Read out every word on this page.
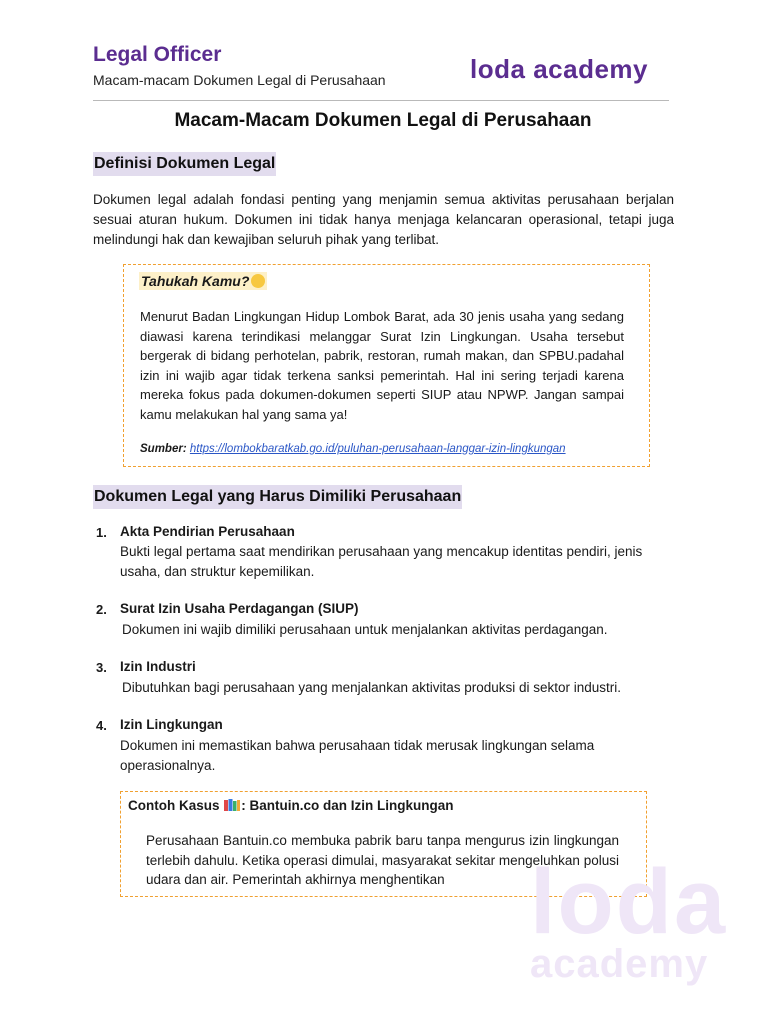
Legal Officer
Macam-macam Dokumen Legal di Perusahaan	loda academy
Macam-Macam Dokumen Legal di Perusahaan
Definisi Dokumen Legal

Dokumen legal adalah fondasi penting yang menjamin semua aktivitas perusahaan berjalan sesuai aturan hukum. Dokumen ini tidak hanya menjaga kelancaran operasional, tetapi juga melindungi hak dan kewajiban seluruh pihak yang terlibat.

Tahukah Kamu?

Menurut Badan Lingkungan Hidup Lombok Barat, ada 30 jenis usaha yang sedang diawasi karena terindikasi melanggar Surat Izin Lingkungan. Usaha tersebut bergerak di bidang perhotelan, pabrik, restoran, rumah makan, dan SPBU.padahal izin ini wajib agar tidak terkena sanksi pemerintah. Hal ini sering terjadi karena mereka fokus pada dokumen-dokumen seperti SIUP atau NPWP. Jangan sampai kamu melakukan hal yang sama ya!

Sumber: https://lombokbaratkab.go.id/puluhan-perusahaan-langgar-izin-lingkungan
Dokumen Legal yang Harus Dimiliki Perusahaan
1. Akta Pendirian Perusahaan

Bukti legal pertama saat mendirikan perusahaan yang mencakup identitas pendiri, jenis usaha, dan struktur kepemilikan.

2. Surat Izin Usaha Perdagangan (SIUP)

Dokumen ini wajib dimiliki perusahaan untuk menjalankan aktivitas perdagangan.

3. Izin Industri

Dibutuhkan bagi perusahaan yang menjalankan aktivitas produksi di sektor industri.

4. Izin Lingkungan

Dokumen ini memastikan bahwa perusahaan tidak merusak lingkungan selama operasionalnya.

Contoh Kasus : Bantuin.co dan Izin Lingkungan

Perusahaan Bantuin.co membuka pabrik baru tanpa mengurus izin lingkungan terlebih dahulu. Ketika operasi dimulai, masyarakat sekitar mengeluhkan polusi udara dan air. Pemerintah akhirnya menghentikan loda
academy
